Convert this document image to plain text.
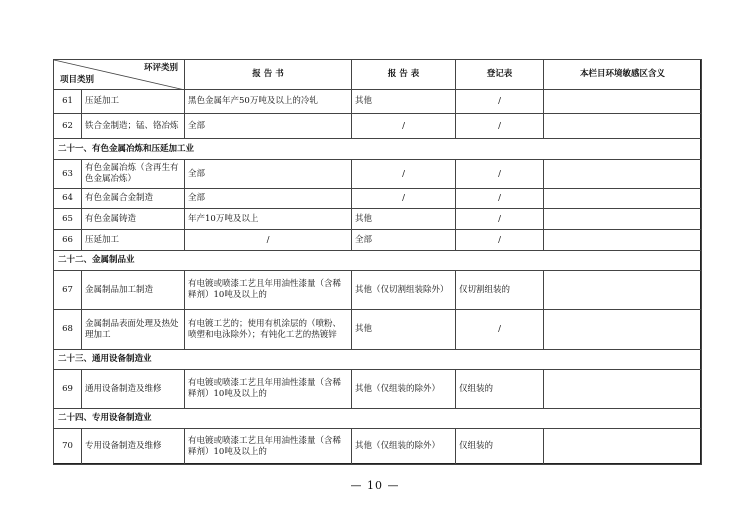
环评类别
项目类别		报 告 书	报 告 表	登记表	本栏目环境敏感区含义
61	压延加工	黑色金属年产50万吨及以上的冷轧	其他	/	
62	铁合金制造；锰、铬冶炼	全部	/	/	
二十一、有色金属冶炼和压延加工业					
63	有色金属冶炼（含再生有色金属冶炼）	全部	/	/	
64	有色金属合金制造	全部	/	/	
65	有色金属铸造	年产10万吨及以上	其他	/	
66	压延加工	/	全部	/	
二十二、金属制品业					
67	金属制品加工制造	有电镀或喷漆工艺且年用油性漆量（含稀释剂）10吨及以上的	其他（仅切割组装除外）	仅切割组装的	
68	金属制品表面处理及热处理加工	有电镀工艺的；使用有机涂层的（喷粉、喷塑和电泳除外）；有钝化工艺的热镀锌	其他	/	
二十三、通用设备制造业					
69	通用设备制造及维修	有电镀或喷漆工艺且年用油性漆量（含稀释剂）10吨及以上的	其他（仅组装的除外）	仅组装的	
二十四、专用设备制造业					
70	专用设备制造及维修	有电镀或喷漆工艺且年用油性漆量（含稀释剂）10吨及以上的	其他（仅组装的除外）	仅组装的	
— 10 —
